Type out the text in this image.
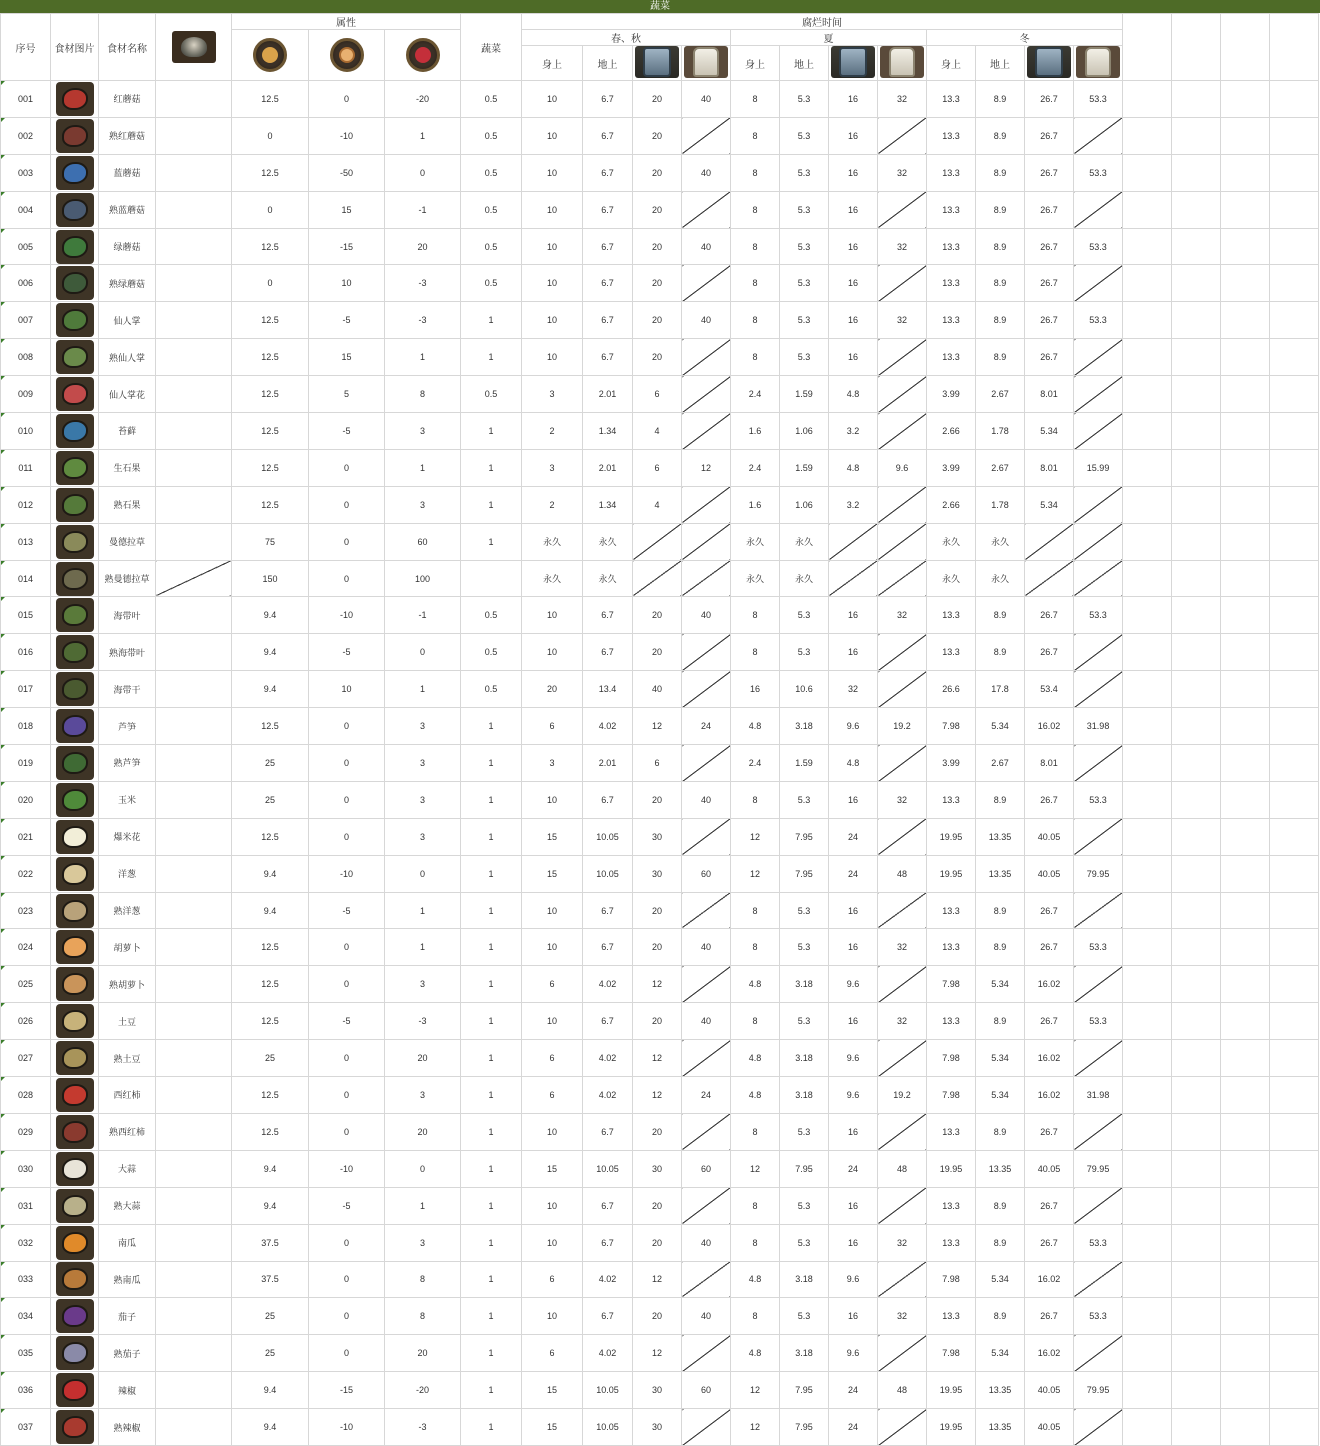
蔬菜
序号	食材图片	食材名称		属性			蔬菜	腐烂时间															

						春、秋				夏				冬							
								身上	地上			身上	地上			身上	地上					

001		红蘑菇		12.5	0	-20	0.5	10	6.7	20	40	8	5.3	16	32	13.3	8.9	26.7	53.3				
002		熟红蘑菇		0	-10	1	0.5	10	6.7	20		8	5.3	16		13.3	8.9	26.7					
003		蓝蘑菇		12.5	-50	0	0.5	10	6.7	20	40	8	5.3	16	32	13.3	8.9	26.7	53.3				
004		熟蓝蘑菇		0	15	-1	0.5	10	6.7	20		8	5.3	16		13.3	8.9	26.7					
005		绿蘑菇		12.5	-15	20	0.5	10	6.7	20	40	8	5.3	16	32	13.3	8.9	26.7	53.3				
006		熟绿蘑菇		0	10	-3	0.5	10	6.7	20		8	5.3	16		13.3	8.9	26.7					
007		仙人掌		12.5	-5	-3	1	10	6.7	20	40	8	5.3	16	32	13.3	8.9	26.7	53.3				
008		熟仙人掌		12.5	15	1	1	10	6.7	20		8	5.3	16		13.3	8.9	26.7					
009		仙人掌花		12.5	5	8	0.5	3	2.01	6		2.4	1.59	4.8		3.99	2.67	8.01					
010		苔藓		12.5	-5	3	1	2	1.34	4		1.6	1.06	3.2		2.66	1.78	5.34					
011		生石果		12.5	0	1	1	3	2.01	6	12	2.4	1.59	4.8	9.6	3.99	2.67	8.01	15.99				
012		熟石果		12.5	0	3	1	2	1.34	4		1.6	1.06	3.2		2.66	1.78	5.34					
013		曼德拉草		75	0	60	1	永久	永久			永久	永久			永久	永久						
014		熟曼德拉草		150	0	100		永久	永久			永久	永久			永久	永久						
015		海带叶		9.4	-10	-1	0.5	10	6.7	20	40	8	5.3	16	32	13.3	8.9	26.7	53.3				
016		熟海带叶		9.4	-5	0	0.5	10	6.7	20		8	5.3	16		13.3	8.9	26.7					
017		海带干		9.4	10	1	0.5	20	13.4	40		16	10.6	32		26.6	17.8	53.4					
018		芦笋		12.5	0	3	1	6	4.02	12	24	4.8	3.18	9.6	19.2	7.98	5.34	16.02	31.98				
019		熟芦笋		25	0	3	1	3	2.01	6		2.4	1.59	4.8		3.99	2.67	8.01					
020		玉米		25	0	3	1	10	6.7	20	40	8	5.3	16	32	13.3	8.9	26.7	53.3				
021		爆米花		12.5	0	3	1	15	10.05	30		12	7.95	24		19.95	13.35	40.05					
022		洋葱		9.4	-10	0	1	15	10.05	30	60	12	7.95	24	48	19.95	13.35	40.05	79.95				
023		熟洋葱		9.4	-5	1	1	10	6.7	20		8	5.3	16		13.3	8.9	26.7					
024		胡萝卜		12.5	0	1	1	10	6.7	20	40	8	5.3	16	32	13.3	8.9	26.7	53.3				
025		熟胡萝卜		12.5	0	3	1	6	4.02	12		4.8	3.18	9.6		7.98	5.34	16.02					
026		土豆		12.5	-5	-3	1	10	6.7	20	40	8	5.3	16	32	13.3	8.9	26.7	53.3				
027		熟土豆		25	0	20	1	6	4.02	12		4.8	3.18	9.6		7.98	5.34	16.02					
028		西红柿		12.5	0	3	1	6	4.02	12	24	4.8	3.18	9.6	19.2	7.98	5.34	16.02	31.98				
029		熟西红柿		12.5	0	20	1	10	6.7	20		8	5.3	16		13.3	8.9	26.7					
030		大蒜		9.4	-10	0	1	15	10.05	30	60	12	7.95	24	48	19.95	13.35	40.05	79.95				
031		熟大蒜		9.4	-5	1	1	10	6.7	20		8	5.3	16		13.3	8.9	26.7					
032		南瓜		37.5	0	3	1	10	6.7	20	40	8	5.3	16	32	13.3	8.9	26.7	53.3				
033		熟南瓜		37.5	0	8	1	6	4.02	12		4.8	3.18	9.6		7.98	5.34	16.02					
034		茄子		25	0	8	1	10	6.7	20	40	8	5.3	16	32	13.3	8.9	26.7	53.3				
035		熟茄子		25	0	20	1	6	4.02	12		4.8	3.18	9.6		7.98	5.34	16.02					
036		辣椒		9.4	-15	-20	1	15	10.05	30	60	12	7.95	24	48	19.95	13.35	40.05	79.95				
037		熟辣椒		9.4	-10	-3	1	15	10.05	30		12	7.95	24		19.95	13.35	40.05					
